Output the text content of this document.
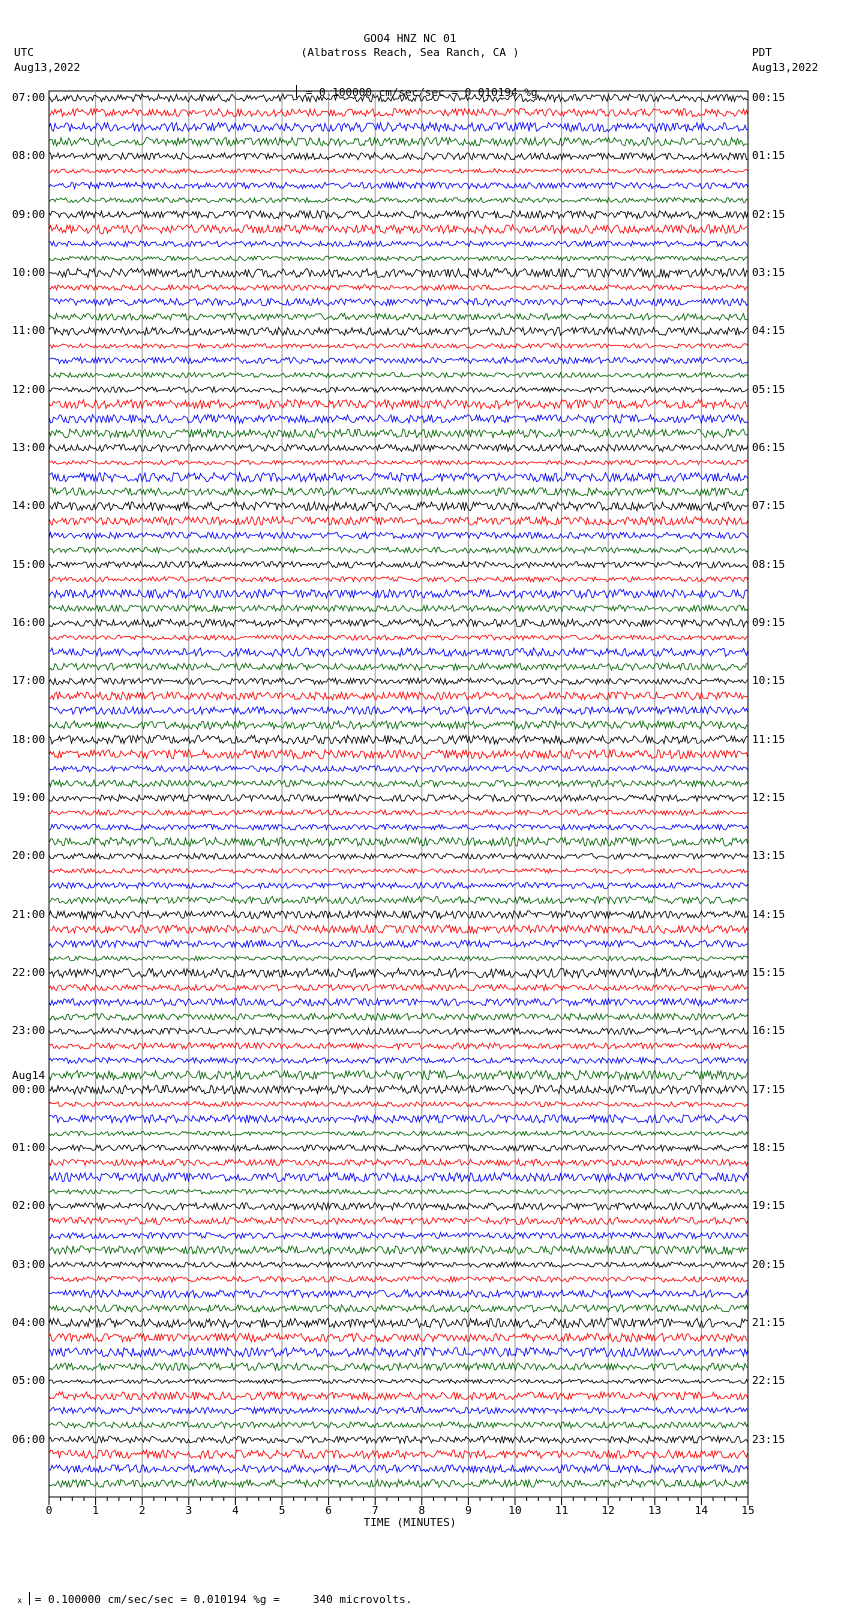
GOO4 HNZ NC 01
(Albatross Reach, Sea Ranch, CA )

= 0.100000 cm/sec/sec = 0.010194 %g

UTC
Aug13,2022
PDT
Aug13,2022
07:00	00:15
08:00	01:15
09:00	02:15
10:00	03:15
11:00	04:15
12:00	05:15
13:00	06:15
14:00	07:15
15:00	08:15
16:00	09:15
17:00	10:15
18:00	11:15
19:00	12:15
20:00	13:15
21:00	14:15
22:00	15:15
23:00	16:15
Aug14
00:00	17:15
01:00	18:15
02:00	19:15
03:00	20:15
04:00	21:15
05:00	22:15
06:00	23:15
TIME (MINUTES)

x = 0.100000 cm/sec/sec = 0.010194 %g =     340 microvolts.

0	1	2	3	4	5	6	7	8	9	10	11	12	13	14	15
